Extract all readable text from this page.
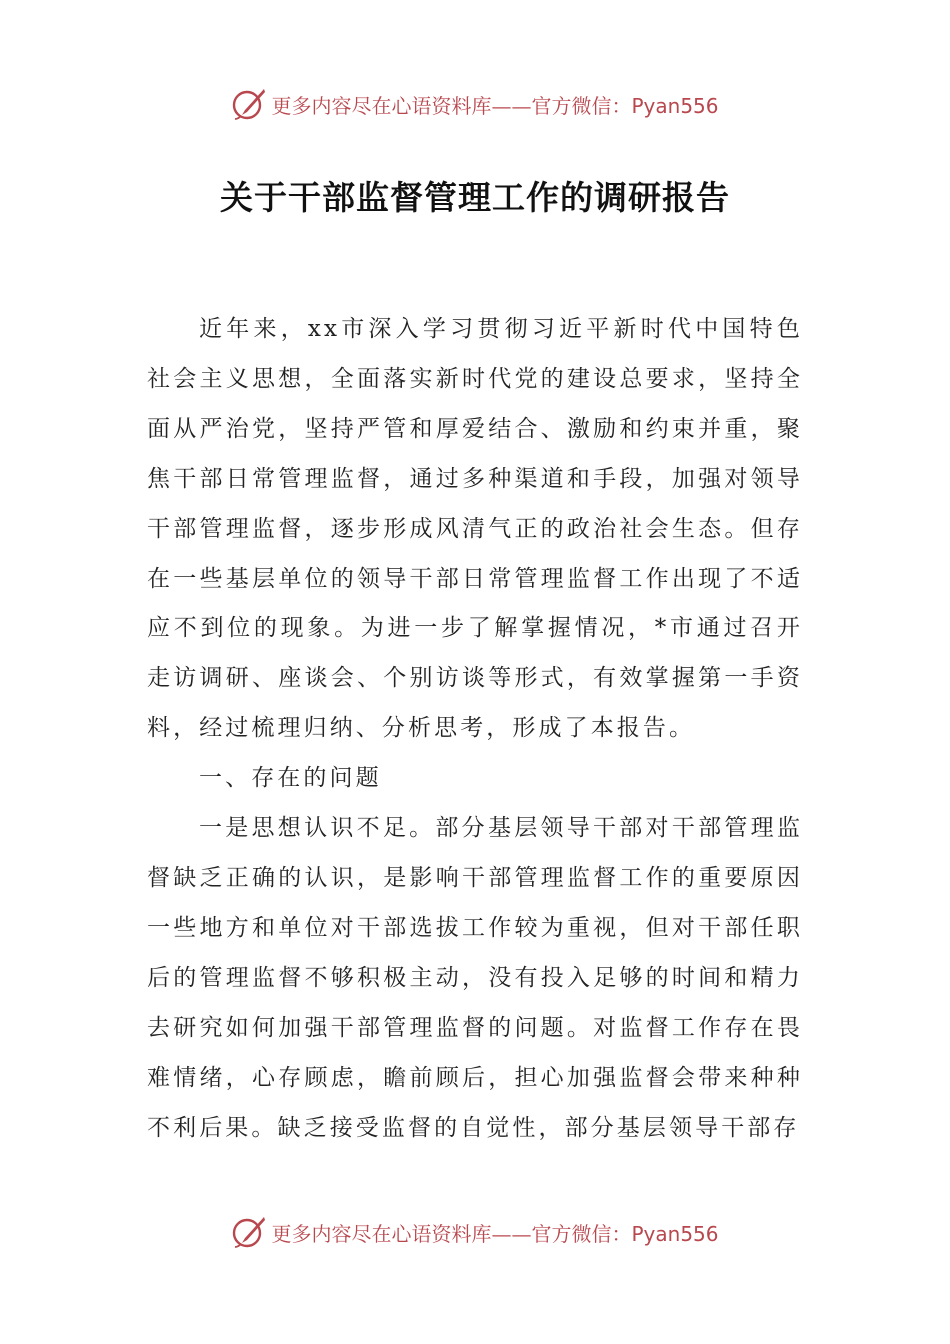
更多内容尽在心语资料库——官方微信：Pyan556
关于干部监督管理工作的调研报告

近年来，xx市深入学习贯彻习近平新时代中国特色社会主义思想，全面落实新时代党的建设总要求，坚持全面从严治党，坚持严管和厚爱结合、激励和约束并重，聚焦干部日常管理监督，通过多种渠道和手段，加强对领导干部管理监督，逐步形成风清气正的政治社会生态。但存在一些基层单位的领导干部日常管理监督工作出现了不适应不到位的现象。为进一步了解掌握情况，*市通过召开走访调研、座谈会、个别访谈等形式，有效掌握第一手资料，经过梳理归纳、分析思考，形成了本报告。

一、存在的问题

一是思想认识不足。部分基层领导干部对干部管理监督缺乏正确的认识，是影响干部管理监督工作的重要原因一些地方和单位对干部选拔工作较为重视，但对干部任职后的管理监督不够积极主动，没有投入足够的时间和精力去研究如何加强干部管理监督的问题。对监督工作存在畏难情绪，心存顾虑，瞻前顾后，担心加强监督会带来种种不利后果。缺乏接受监督的自觉性，部分基层领导干部存

更多内容尽在心语资料库——官方微信：Pyan556
